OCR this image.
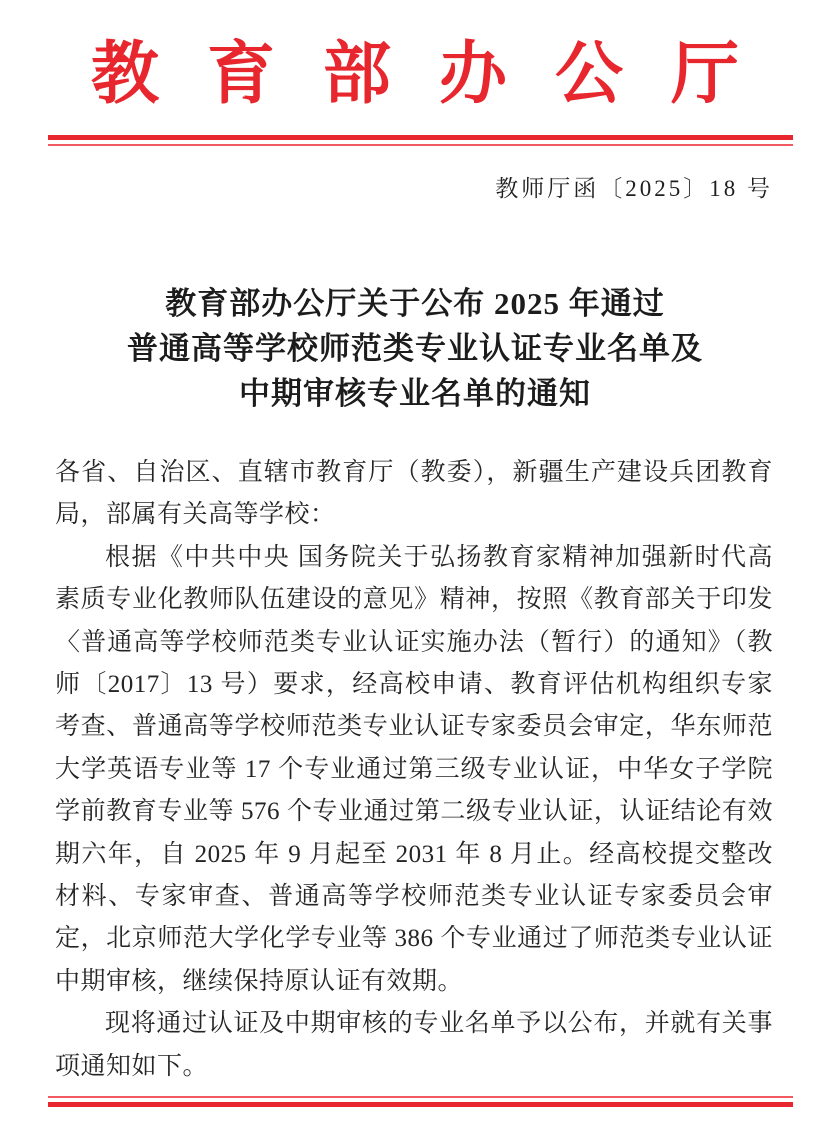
教育部办公厅
教师厅函〔2025〕18 号
教育部办公厅关于公布 2025 年通过
普通高等学校师范类专业认证专业名单及
中期审核专业名单的通知

各省、自治区、直辖市教育厅（教委），新疆生产建设兵团教育局，部属有关高等学校：

根据《中共中央 国务院关于弘扬教育家精神加强新时代高素质专业化教师队伍建设的意见》精神，按照《教育部关于印发〈普通高等学校师范类专业认证实施办法（暂行）的通知》（教师〔2017〕13 号）要求，经高校申请、教育评估机构组织专家考查、普通高等学校师范类专业认证专家委员会审定，华东师范大学英语专业等 17 个专业通过第三级专业认证，中华女子学院学前教育专业等 576 个专业通过第二级专业认证，认证结论有效期六年，自 2025 年 9 月起至 2031 年 8 月止。经高校提交整改材料、专家审查、普通高等学校师范类专业认证专家委员会审定，北京师范大学化学专业等 386 个专业通过了师范类专业认证中期审核，继续保持原认证有效期。

现将通过认证及中期审核的专业名单予以公布，并就有关事项通知如下。
